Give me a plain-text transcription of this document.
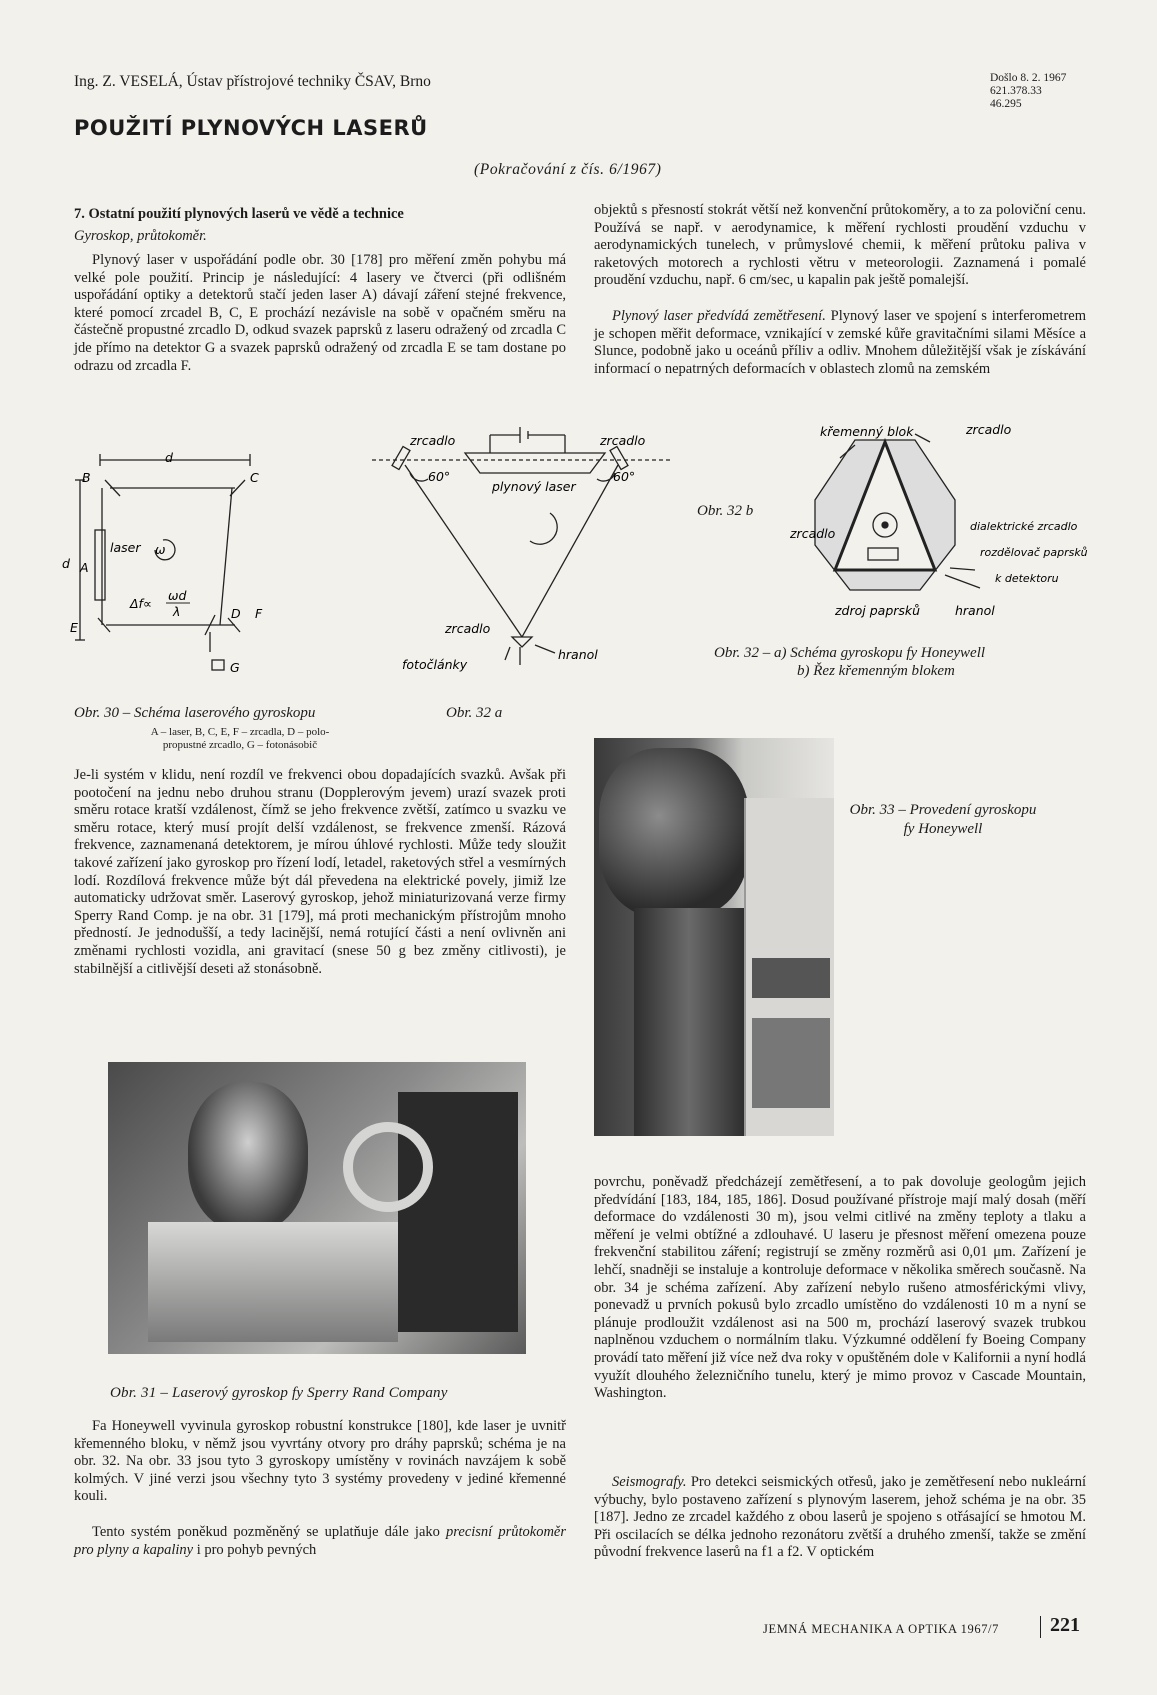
Ing. Z. VESELÁ, Ústav přístrojové techniky ČSAV, Brno
POUŽITÍ PLYNOVÝCH LASERŮ
Došlo 8. 2. 1967
621.378.33
46.295
(Pokračování z čís. 6/1967)
7. Ostatní použití plynových laserů ve vědě a technice
Gyroskop, průtokoměr.

Plynový laser v uspořádání podle obr. 30 [178] pro měření změn pohybu má velké pole použití. Princip je následující: 4 lasery ve čtverci (při odlišném uspořádání optiky a detektorů stačí jeden laser A) dávají záření stejné frekvence, které pomocí zrcadel B, C, E prochází nezávisle na sobě v opačném směru na částečně propustné zrcadlo D, odkud svazek paprsků z laseru odražený od zrcadla C jde přímo na detektor G a svazek paprsků odražený od zrcadla E se tam dostane po odrazu od zrcadla F.

objektů s přesností stokrát větší než konvenční průtokoměry, a to za poloviční cenu. Používá se např. v aerodynamice, k měření rychlosti proudění vzduchu v aerodynamických tunelech, v průmyslové chemii, k měření průtoku paliva v raketových motorech a rychlosti větru v meteorologii. Zaznamená i pomalé proudění vzduchu, např. 6 cm/sec, u kapalin pak ještě pomalejší.

Plynový laser předvídá zemětřesení. Plynový laser ve spojení s interferometrem je schopen měřit deformace, vznikající v zemské kůře gravitačními silami Měsíce a Slunce, podobně jako u oceánů příliv a odliv. Mnohem důležitější však je získávání informací o nepatrných deformacích v oblastech zlomů na zemském

d
d
B	C
A
E
D F
G
laser ω
Δf∝
ωd
λ
Obr. 30 – Schéma laserového gyroskopu
A – laser, B, C, E, F – zrcadla, D – polo-
propustné zrcadlo, G – fotonásobič
zrcadlo	zrcadlo
60°	60°
plynový laser
zrcadlo
fotočlánky
hranol
Obr. 32 a
křemenný blok	zrcadlo
zrcadlo	dialektrické zrcadlo
rozdělovač paprsků
k detektoru
zdroj paprsků	hranol
Obr. 32 b
Obr. 32 – a) Schéma gyroskopu fy Honeywell
b) Řez křemenným blokem
Obr. 33 – Provedení gyroskopu fy Honeywell

Je-li systém v klidu, není rozdíl ve frekvenci obou dopadajících svazků. Avšak při pootočení na jednu nebo druhou stranu (Dopplerovým jevem) urazí svazek proti směru rotace kratší vzdálenost, čímž se jeho frekvence zvětší, zatímco u svazku ve směru rotace, který musí projít delší vzdálenost, se frekvence zmenší. Rázová frekvence, zaznamenaná detektorem, je mírou úhlové rychlosti. Může tedy sloužit takové zařízení jako gyroskop pro řízení lodí, letadel, raketových střel a vesmírných lodí. Rozdílová frekvence může být dál převedena na elektrické povely, jimiž lze automaticky udržovat směr. Laserový gyroskop, jehož miniaturizovaná verze firmy Sperry Rand Comp. je na obr. 31 [179], má proti mechanickým přístrojům mnoho předností. Je jednodušší, a tedy lacinější, nemá rotující části a není ovlivněn ani změnami rychlosti vozidla, ani gravitací (snese 50 g bez změny citlivosti), je stabilnější a citlivější deseti až stonásobně.

Obr. 31 – Laserový gyroskop fy Sperry Rand Company

Fa Honeywell vyvinula gyroskop robustní konstrukce [180], kde laser je uvnitř křemenného bloku, v němž jsou vyvrtány otvory pro dráhy paprsků; schéma je na obr. 32. Na obr. 33 jsou tyto 3 gyroskopy umístěny v rovinách navzájem k sobě kolmých. V jiné verzi jsou všechny tyto 3 systémy provedeny v jediné křemenné kouli.

Tento systém poněkud pozměněný se uplatňuje dále jako precisní průtokoměr pro plyny a kapaliny i pro pohyb pevných

povrchu, poněvadž předcházejí zemětřesení, a to pak dovoluje geologům jejich předvídání [183, 184, 185, 186]. Dosud používané přístroje mají malý dosah (měří deformace do vzdálenosti 30 m), jsou velmi citlivé na změny teploty a tlaku a měření je velmi obtížné a zdlouhavé. U laseru je přesnost měření omezena pouze frekvenční stabilitou záření; registrují se změny rozměrů asi 0,01 μm. Zařízení je lehčí, snadněji se instaluje a kontroluje deformace v několika směrech současně. Na obr. 34 je schéma zařízení. Aby zařízení nebylo rušeno atmosférickými vlivy, ponevadž u prvních pokusů bylo zrcadlo umístěno do vzdálenosti 10 m a nyní se plánuje prodloužit vzdálenost asi na 500 m, prochází laserový svazek trubkou naplněnou vzduchem o normálním tlaku. Výzkumné oddělení fy Boeing Company provádí tato měření již více než dva roky v opuštěném dole v Kalifornii a nyní hodlá využít dlouhého železničního tunelu, který je mimo provoz v Cascade Mountain, Washington.

Seismografy. Pro detekci seismických otřesů, jako je zemětřesení nebo nukleární výbuchy, bylo postaveno zařízení s plynovým laserem, jehož schéma je na obr. 35 [187]. Jedno ze zrcadel každého z obou laserů je spojeno s otřásající se hmotou M. Při oscilacích se délka jednoho rezonátoru zvětší a druhého zmenší, takže se změní původní frekvence laserů na f1 a f2. V optickém

JEMNÁ MECHANIKA A OPTIKA 1967/7	221
